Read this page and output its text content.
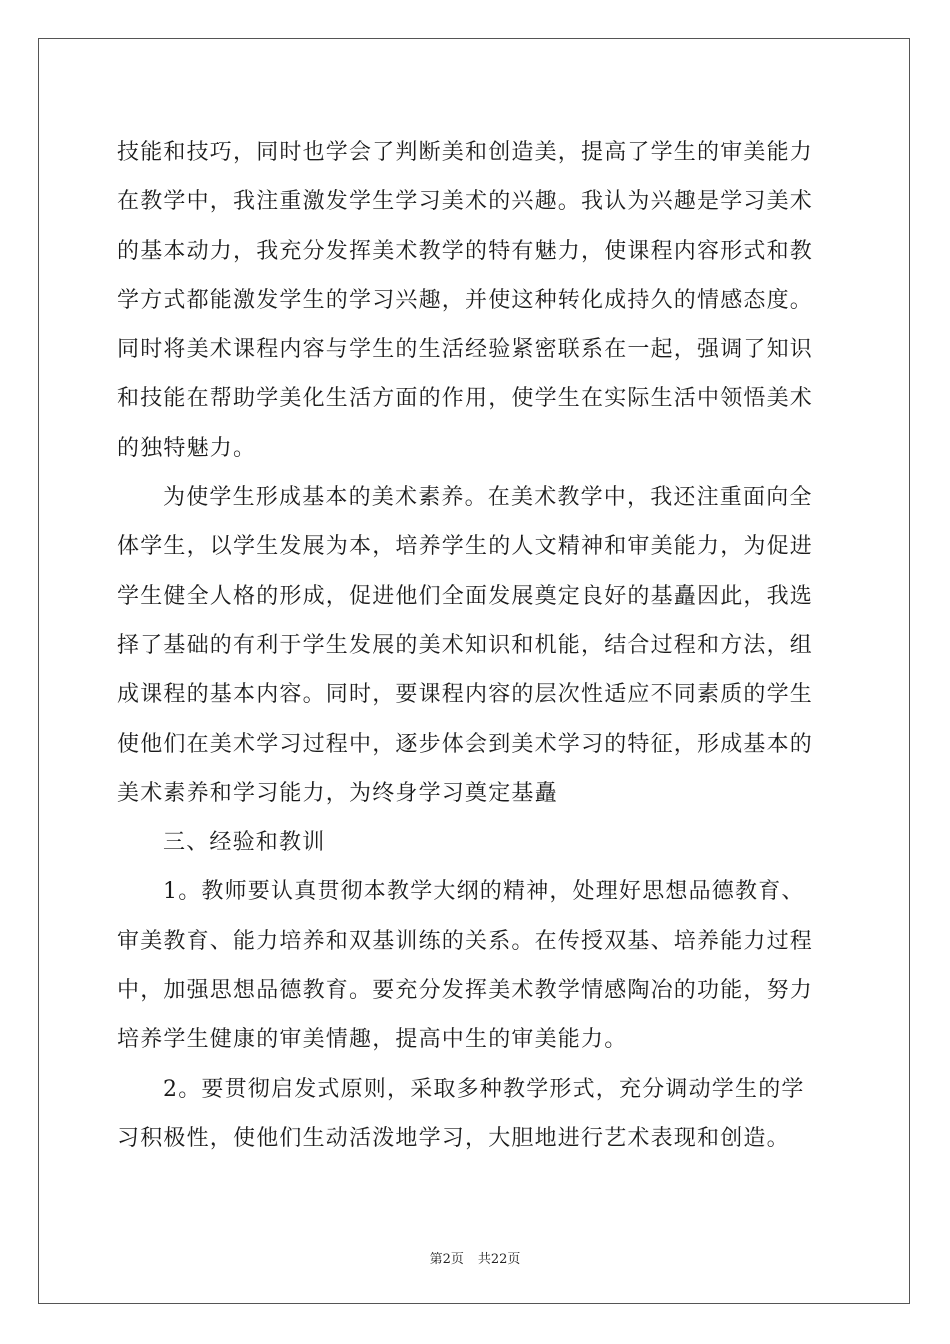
技能和技巧，同时也学会了判断美和创造美，提高了学生的审美能力
在教学中，我注重激发学生学习美术的兴趣。我认为兴趣是学习美术
的基本动力，我充分发挥美术教学的特有魅力，使课程内容形式和教
学方式都能激发学生的学习兴趣，并使这种转化成持久的情感态度。
同时将美术课程内容与学生的生活经验紧密联系在一起，强调了知识
和技能在帮助学美化生活方面的作用，使学生在实际生活中领悟美术
的独特魅力。
为使学生形成基本的美术素养。在美术教学中，我还注重面向全
体学生，以学生发展为本，培养学生的人文精神和审美能力，为促进
学生健全人格的形成，促进他们全面发展奠定良好的基矗因此，我选
择了基础的有利于学生发展的美术知识和机能，结合过程和方法，组
成课程的基本内容。同时，要课程内容的层次性适应不同素质的学生
使他们在美术学习过程中，逐步体会到美术学习的特征，形成基本的
美术素养和学习能力，为终身学习奠定基矗
三、经验和教训
1。教师要认真贯彻本教学大纲的精神，处理好思想品德教育、
审美教育、能力培养和双基训练的关系。在传授双基、培养能力过程
中，加强思想品德教育。要充分发挥美术教学情感陶冶的功能，努力
培养学生健康的审美情趣，提高中生的审美能力。
2。要贯彻启发式原则，采取多种教学形式，充分调动学生的学
习积极性，使他们生动活泼地学习，大胆地进行艺术表现和创造。
第2页 共22页
